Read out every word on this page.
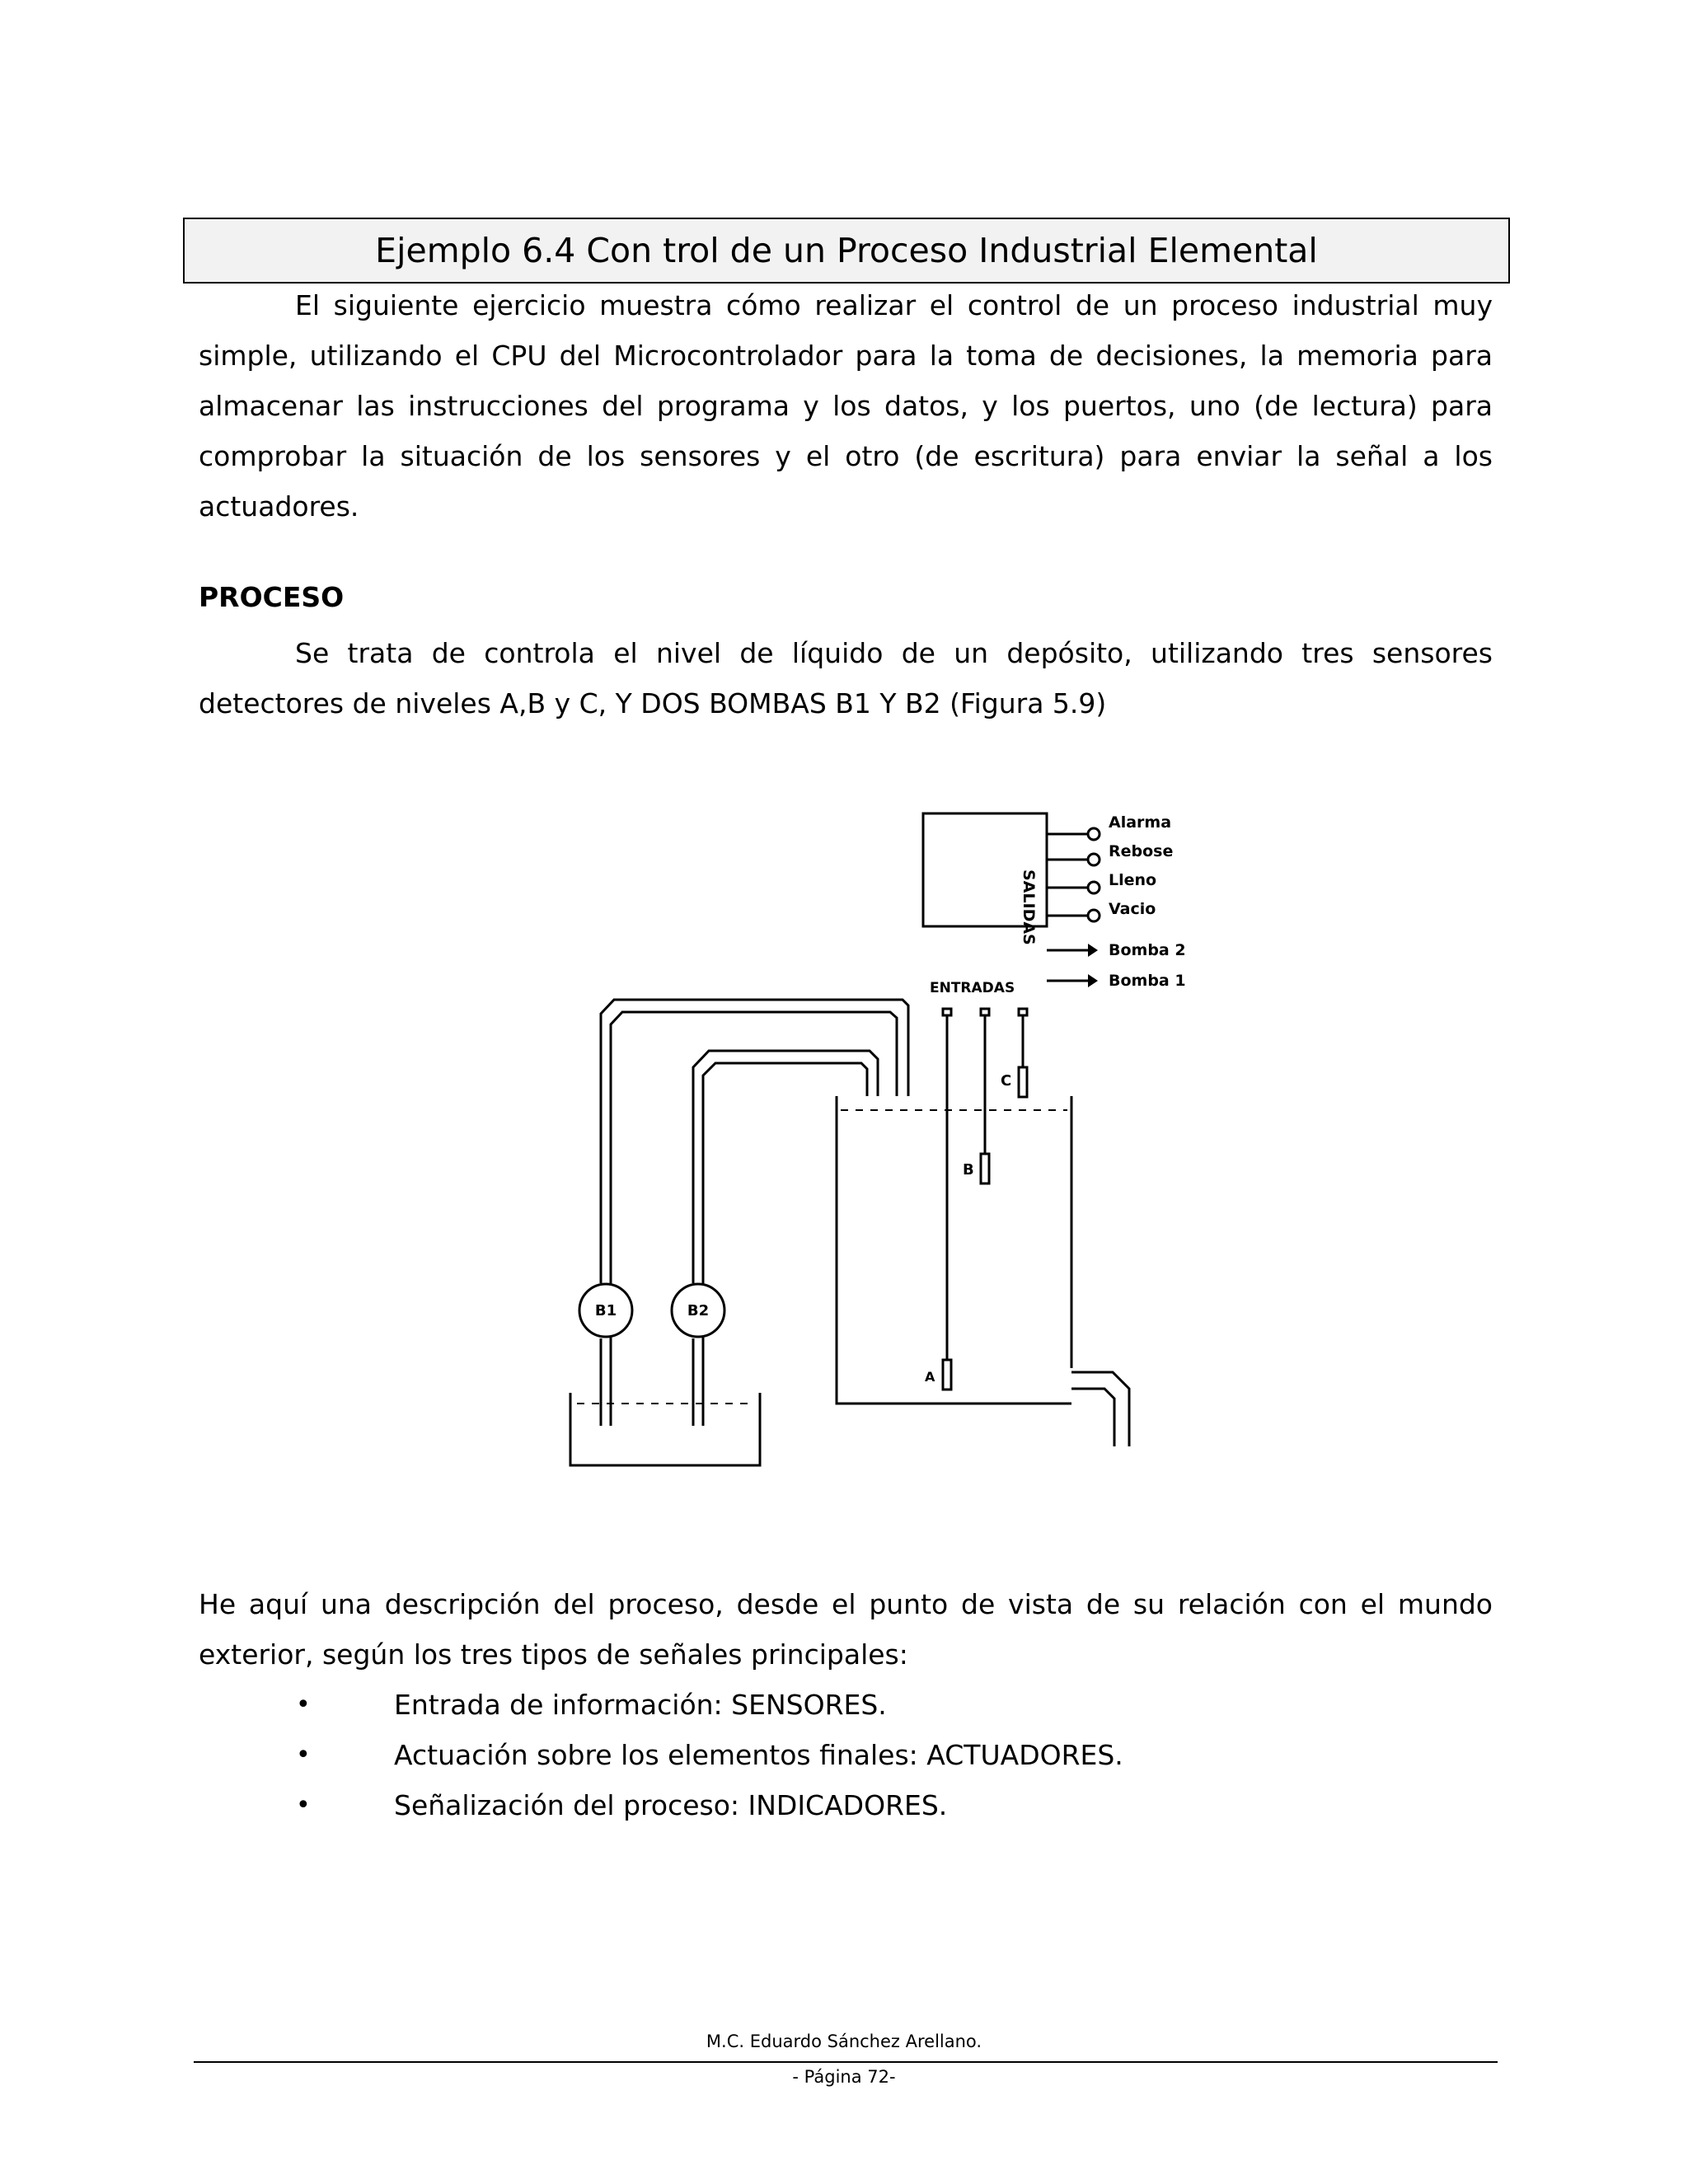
Ejemplo 6.4 Con trol de un Proceso Industrial Elemental

El siguiente ejercicio muestra cómo realizar el control de un proceso industrial muy simple, utilizando el CPU del Microcontrolador para la toma de decisiones, la memoria para almacenar las instrucciones del programa y los datos, y los puertos, uno (de lectura) para comprobar la situación de los sensores y el otro (de escritura) para enviar la señal a los actuadores.

PROCESO

Se trata de controla el nivel de líquido de un depósito, utilizando tres sensores detectores de niveles A,B y C, Y DOS BOMBAS B1 Y B2 (Figura 5.9)

SALIDAS
ENTRADAS
Alarma
Rebose
Lleno
Vacio
Bomba 2
Bomba 1
A
B
C
B1	B2

He aquí una descripción del proceso, desde el punto de vista de su relación con el mundo exterior, según los tres tipos de señales principales:

•	Entrada de información: SENSORES.
•	Actuación sobre los elementos finales: ACTUADORES.
•	Señalización del proceso: INDICADORES.
M.C. Eduardo Sánchez Arellano.
- Página 72-
